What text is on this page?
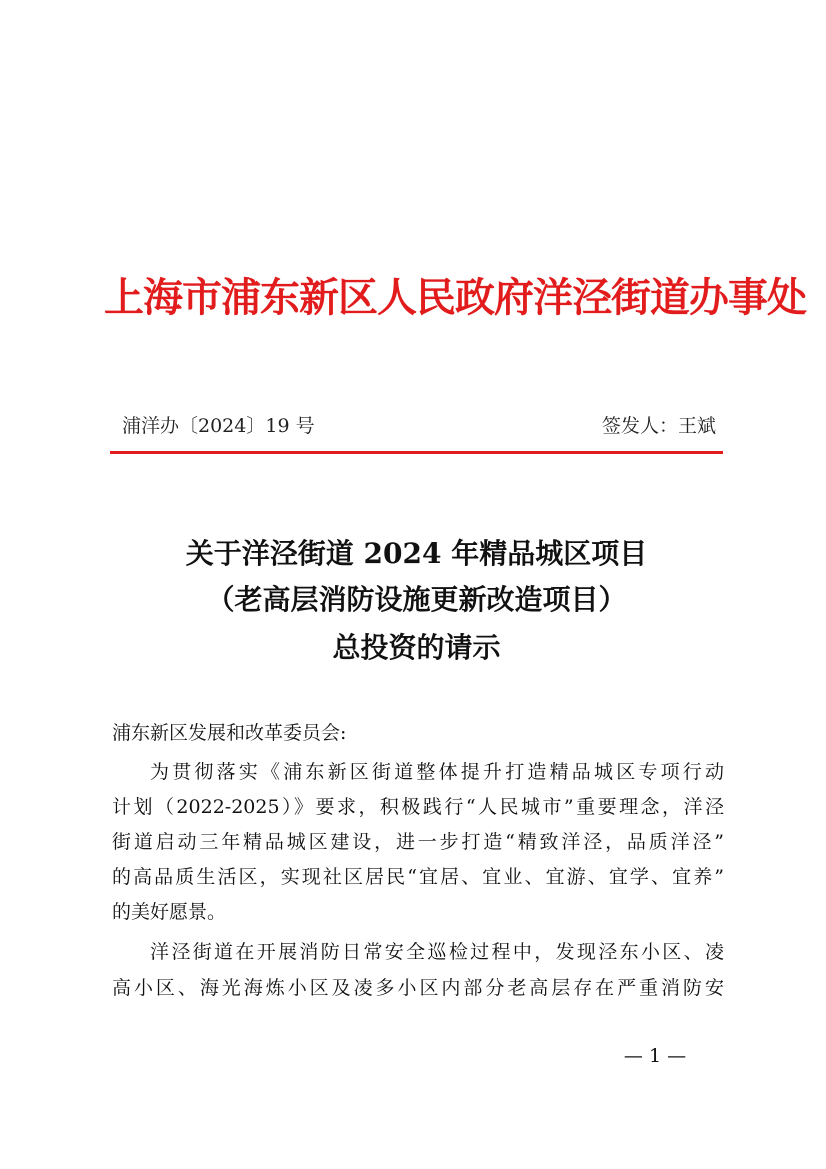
上海市浦东新区人民政府洋泾街道办事处
浦洋办〔2024〕19 号	签发人：王斌
关于洋泾街道 2024 年精品城区项目
（老高层消防设施更新改造项目）
总投资的请示
浦东新区发展和改革委员会:
为贯彻落实《浦东新区街道整体提升打造精品城区专项行动
计划（2022-2025）》要求，积极践行“人民城市”重要理念，洋泾
街道启动三年精品城区建设，进一步打造“精致洋泾，品质洋泾”
的高品质生活区，实现社区居民“宜居、宜业、宜游、宜学、宜养”
的美好愿景。
洋泾街道在开展消防日常安全巡检过程中，发现泾东小区、凌
高小区、海光海炼小区及凌多小区内部分老高层存在严重消防安
— 1 —
